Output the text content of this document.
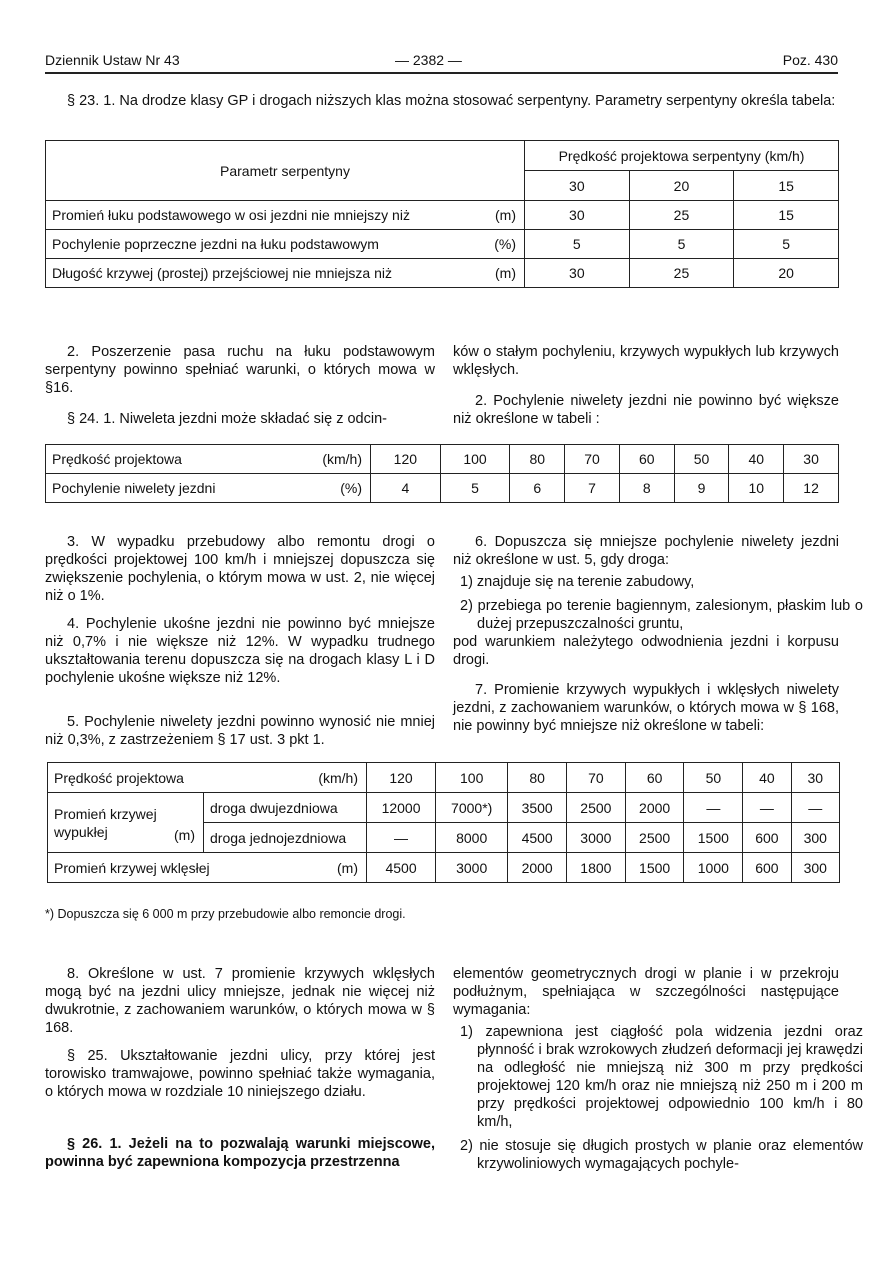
Dziennik Ustaw Nr 43	— 2382 —	Poz. 430

§ 23. 1. Na drodze klasy GP i drogach niższych klas można stosować serpentyny. Parametry serpentyny określa tabela:

Parametr serpentyny	Prędkość projektowa serpentyny (km/h)		
	30	20	15
Promień łuku podstawowego w osi jezdni nie mniejszy niż (m)	30	25	15
Pochylenie poprzeczne jezdni na łuku podstawowym (%)	5	5	5
Długość krzywej (prostej) przejściowej nie mniejsza niż (m)	30	25	20

2. Poszerzenie pasa ruchu na łuku podstawowym serpentyny powinno spełniać warunki, o których mowa w §16.

§ 24. 1. Niweleta jezdni może składać się z odcin-

ków o stałym pochyleniu, krzywych wypukłych lub krzywych wklęsłych.

2. Pochylenie niwelety jezdni nie powinno być większe niż określone w tabeli :

Prędkość projektowa (km/h)	120	100	80	70	60	50	40	30
Pochylenie niwelety jezdni (%)	4	5	6	7	8	9	10	12

3. W wypadku przebudowy albo remontu drogi o prędkości projektowej 100 km/h i mniejszej dopuszcza się zwiększenie pochylenia, o którym mowa w ust. 2, nie więcej niż o 1%.

4. Pochylenie ukośne jezdni nie powinno być mniejsze niż 0,7% i nie większe niż 12%. W wypadku trudnego ukształtowania terenu dopuszcza się na drogach klasy L i D pochylenie ukośne większe niż 12%.

5. Pochylenie niwelety jezdni powinno wynosić nie mniej niż 0,3%, z zastrzeżeniem § 17 ust. 3 pkt 1.

6. Dopuszcza się mniejsze pochylenie niwelety jezdni niż określone w ust. 5, gdy droga:

1) znajduje się na terenie zabudowy,

2) przebiega po terenie bagiennym, zalesionym, płaskim lub o dużej przepuszczalności gruntu,

pod warunkiem należytego odwodnienia jezdni i korpusu drogi.

7. Promienie krzywych wypukłych i wklęsłych niwelety jezdni, z zachowaniem warunków, o których mowa w § 168, nie powinny być mniejsze niż określone w tabeli:

Prędkość projektowa (km/h)		120	100	80	70	60	50	40	30
Promień krzywej wypukłej (m)	droga dwujezdniowa	12000	7000*)	3500	2500	2000	—	—	—
	droga jednojezdniowa	—	8000	4500	3000	2500	1500	600	300
Promień krzywej wklęsłej (m)		4500	3000	2000	1800	1500	1000	600	300

*) Dopuszcza się 6 000 m przy przebudowie albo remoncie drogi.

8. Określone w ust. 7 promienie krzywych wklęsłych mogą być na jezdni ulicy mniejsze, jednak nie więcej niż dwukrotnie, z zachowaniem warunków, o których mowa w § 168.

§ 25. Ukształtowanie jezdni ulicy, przy której jest torowisko tramwajowe, powinno spełniać także wymagania, o których mowa w rozdziale 10 niniejszego działu.

§ 26. 1. Jeżeli na to pozwalają warunki miejscowe, powinna być zapewniona kompozycja przestrzenna

elementów geometrycznych drogi w planie i w przekroju podłużnym, spełniająca w szczególności następujące wymagania:

1) zapewniona jest ciągłość pola widzenia jezdni oraz płynność i brak wzrokowych złudzeń deformacji jej krawędzi na odległość nie mniejszą niż 300 m przy prędkości projektowej 120 km/h oraz nie mniejszą niż 250 m i 200 m przy prędkości projektowej odpowiednio 100 km/h i 80 km/h,

2) nie stosuje się długich prostych w planie oraz elementów krzywoliniowych wymagających pochyle-
